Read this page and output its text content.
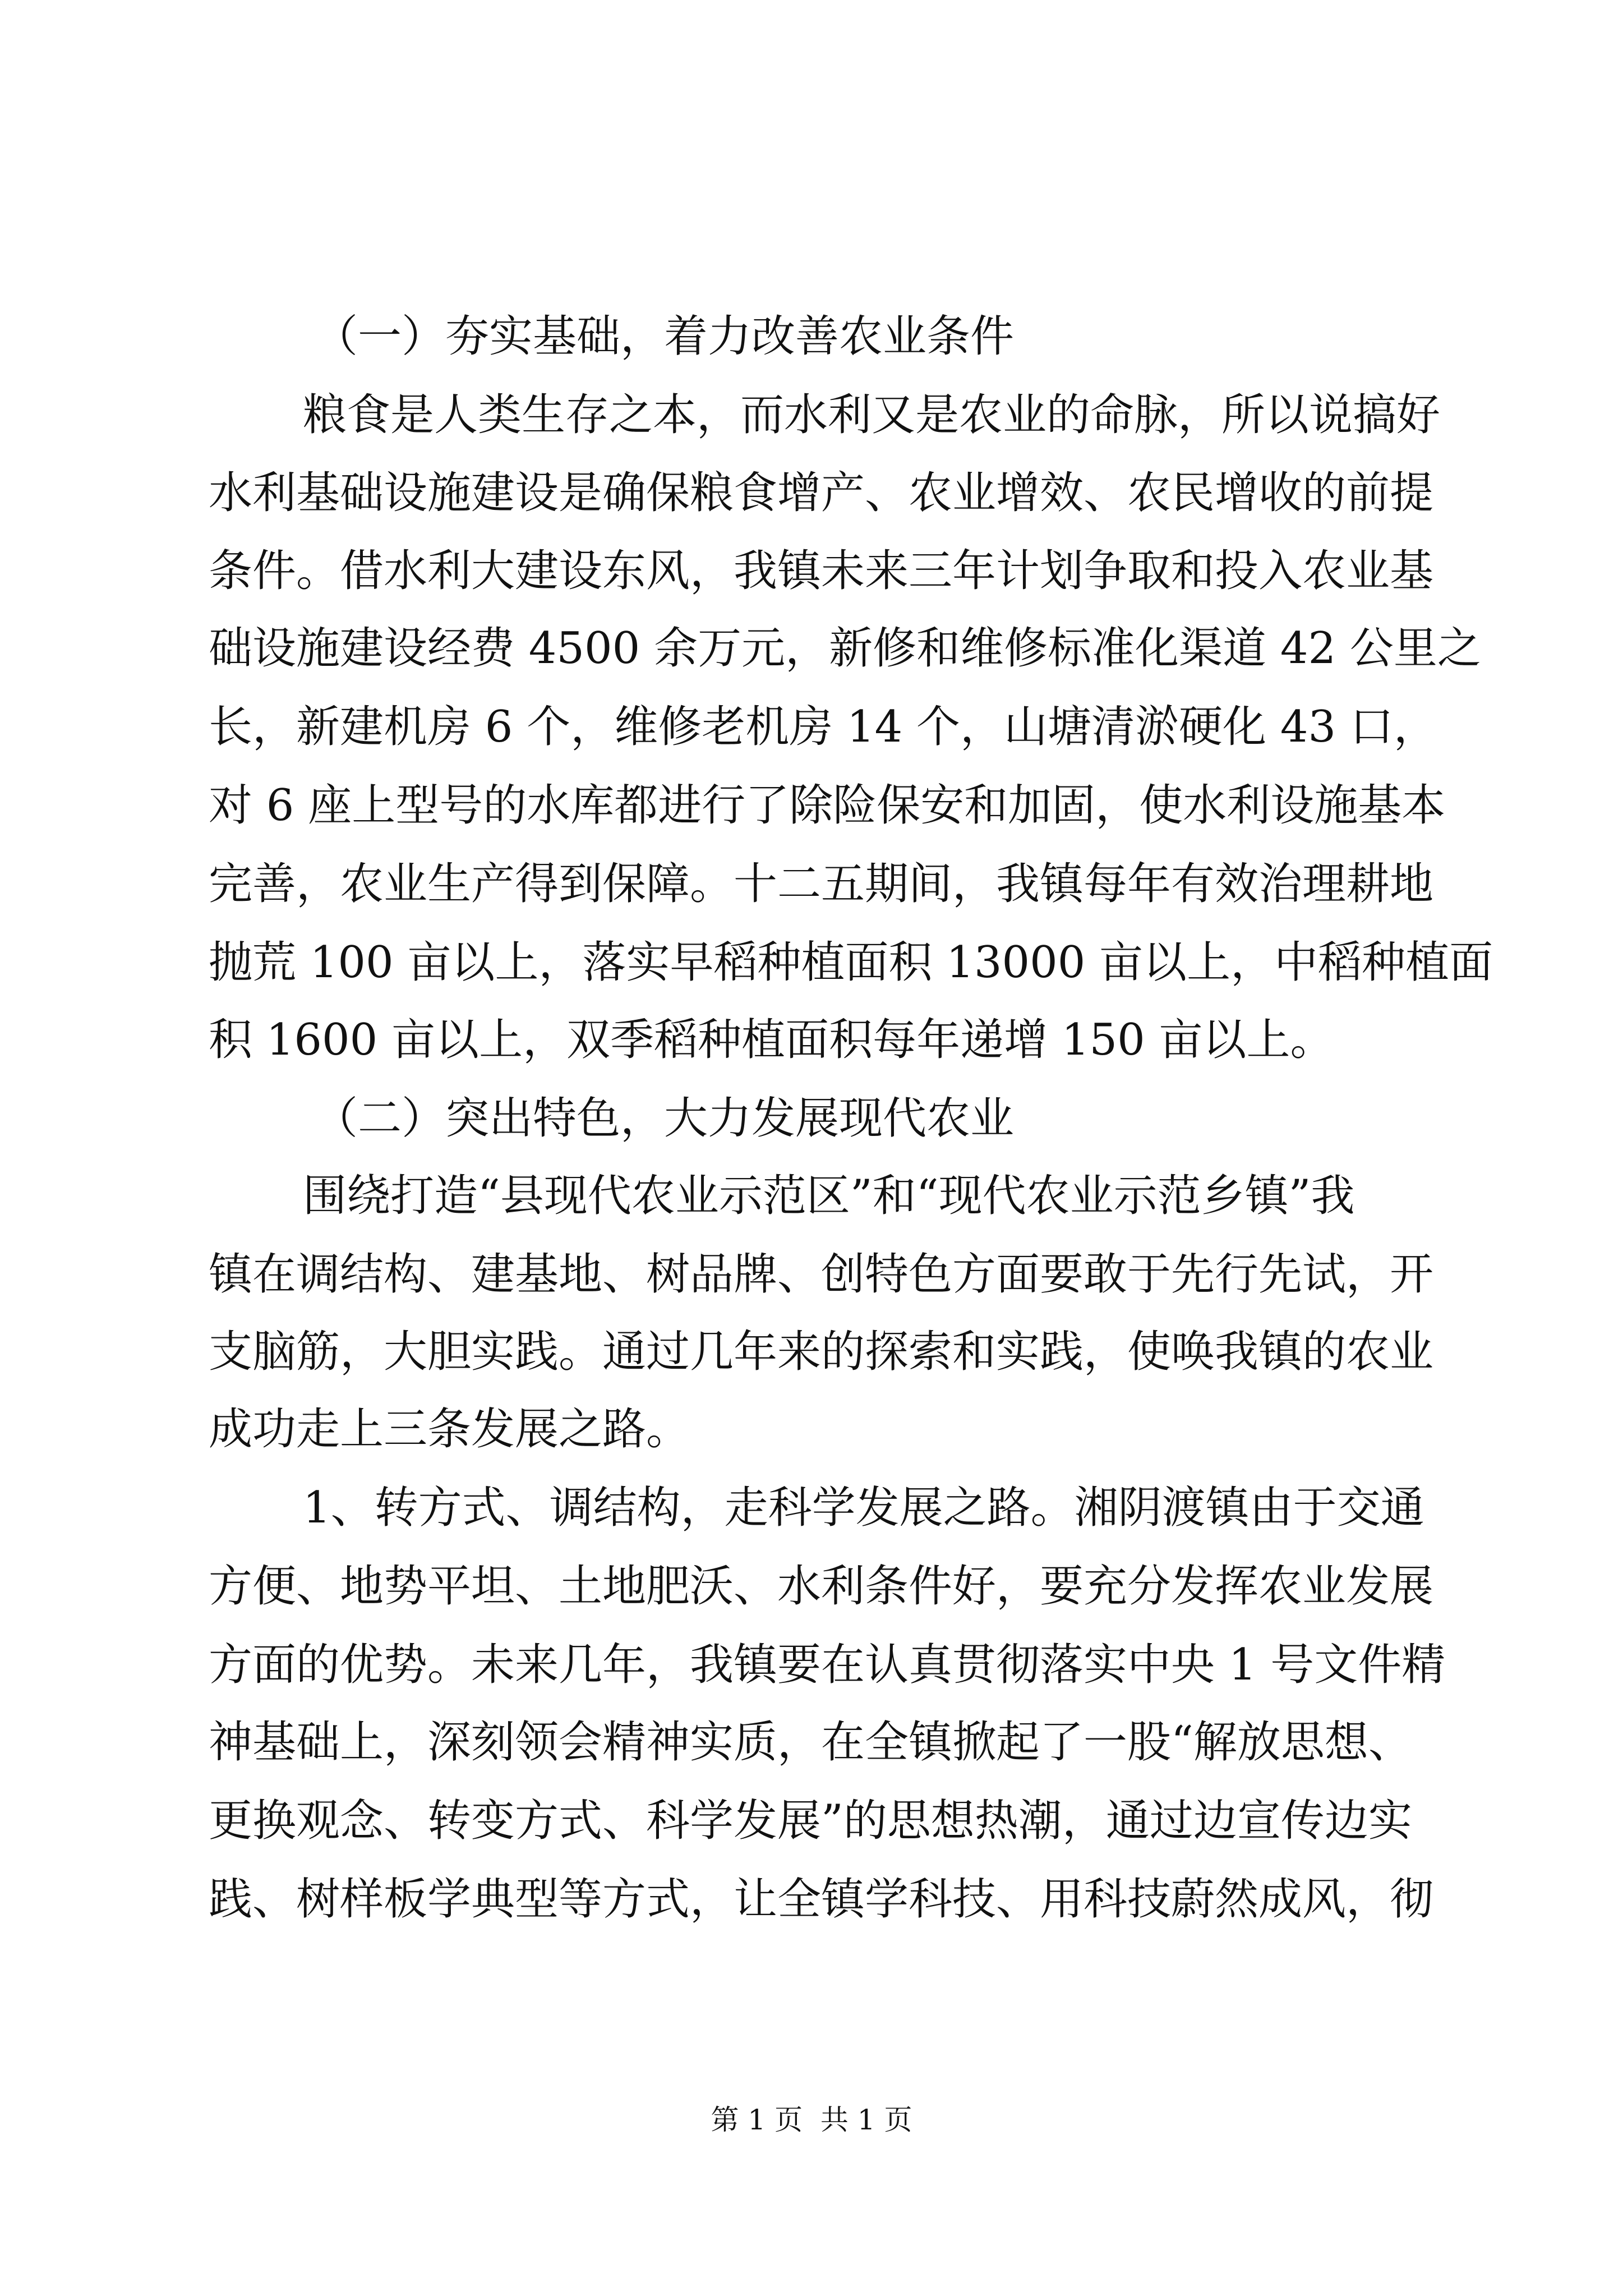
（一）夯实基础，着力改善农业条件
粮食是人类生存之本，而水利又是农业的命脉，所以说搞好
水利基础设施建设是确保粮食增产、农业增效、农民增收的前提
条件。借水利大建设东风，我镇未来三年计划争取和投入农业基
础设施建设经费 4500 余万元，新修和维修标准化渠道 42 公里之
长，新建机房 6 个，维修老机房 14 个，山塘清淤硬化 43 口，
对 6 座上型号的水库都进行了除险保安和加固，使水利设施基本
完善，农业生产得到保障。十二五期间，我镇每年有效治理耕地
抛荒 100 亩以上，落实早稻种植面积 13000 亩以上，中稻种植面
积 1600 亩以上，双季稻种植面积每年递增 150 亩以上。
（二）突出特色，大力发展现代农业
围绕打造“县现代农业示范区”和“现代农业示范乡镇”我
镇在调结构、建基地、树品牌、创特色方面要敢于先行先试，开
支脑筋，大胆实践。通过几年来的探索和实践，使唤我镇的农业
成功走上三条发展之路。
1、转方式、调结构，走科学发展之路。湘阴渡镇由于交通
方便、地势平坦、土地肥沃、水利条件好，要充分发挥农业发展
方面的优势。未来几年，我镇要在认真贯彻落实中央 1 号文件精
神基础上，深刻领会精神实质，在全镇掀起了一股“解放思想、
更换观念、转变方式、科学发展”的思想热潮，通过边宣传边实
践、树样板学典型等方式，让全镇学科技、用科技蔚然成风，彻
第 1 页  共 1 页
